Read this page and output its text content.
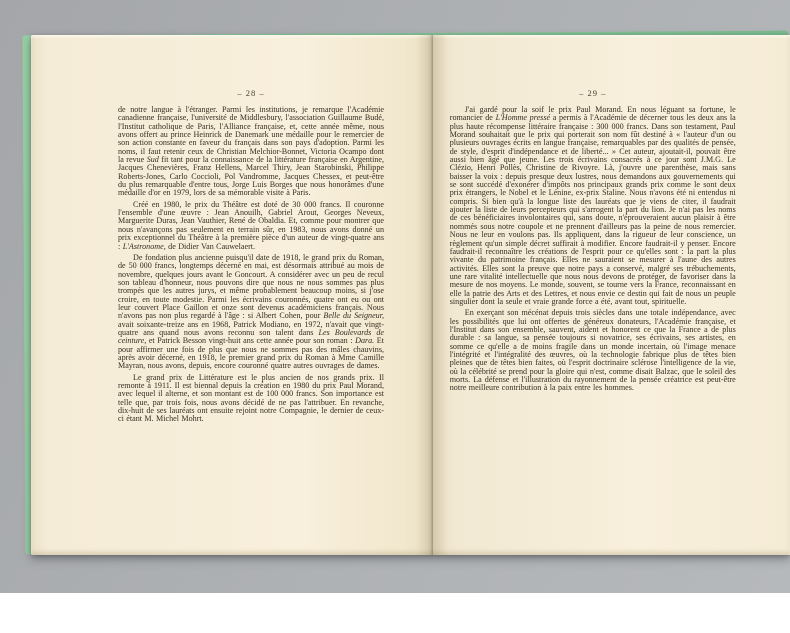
– 28 –

de notre langue à l'étranger. Parmi les institutions, je remarque l'Académie canadienne française, l'université de Middlesbury, l'association Guillaume Budé, l'Institut catholique de Paris, l'Alliance française, et, cette année même, nous avons offert au prince Heinrick de Danemark une médaille pour le remercier de son action constante en faveur du français dans son pays d'adoption. Parmi les noms, il faut retenir ceux de Christian Melchior-Bonnet, Victoria Ocampo dont la revue Sud fit tant pour la connaissance de la littérature française en Argentine, Jacques Chenevières, Franz Hellens, Marcel Thiry, Jean Starobinski, Philippe Roberts-Jones, Carlo Coccioli, Pol Vandromme, Jacques Chessex, et peut-être du plus remarquable d'entre tous, Jorge Luis Borges que nous honorâmes d'une médaille d'or en 1979, lors de sa mémorable visite à Paris.

Créé en 1980, le prix du Théâtre est doté de 30 000 francs. Il couronne l'ensemble d'une œuvre : Jean Anouilh, Gabriel Arout, Georges Neveux, Marguerite Duras, Jean Vauthier, René de Obaldia. Et, comme pour montrer que nous n'avançons pas seulement en terrain sûr, en 1983, nous avons donné un prix exceptionnel du Théâtre à la première pièce d'un auteur de vingt-quatre ans : L'Astronome, de Didier Van Cauwelaert.

De fondation plus ancienne puisqu'il date de 1918, le grand prix du Roman, de 50 000 francs, longtemps décerné en mai, est désormais attribué au mois de novembre, quelques jours avant le Goncourt. A considérer avec un peu de recul son tableau d'honneur, nous pouvons dire que nous ne nous sommes pas plus trompés que les autres jurys, et même probablement beaucoup moins, si j'ose croire, en toute modestie. Parmi les écrivains couronnés, quatre ont eu ou ont leur couvert Place Gaillon et onze sont devenus académiciens français. Nous n'avons pas non plus regardé à l'âge : si Albert Cohen, pour Belle du Seigneur, avait soixante-treize ans en 1968, Patrick Modiano, en 1972, n'avait que vingt-quatre ans quand nous avons reconnu son talent dans Les Boulevards de ceinture, et Patrick Besson vingt-huit ans cette année pour son roman : Dara. Et pour affirmer une fois de plus que nous ne sommes pas des mâles chauvins, après avoir décerné, en 1918, le premier grand prix du Roman à Mme Camille Mayran, nous avons, depuis, encore couronné quatre autres ouvrages de dames.

Le grand prix de Littérature est le plus ancien de nos grands prix. Il remonte à 1911. Il est biennal depuis la création en 1980 du prix Paul Morand, avec lequel il alterne, et son montant est de 100 000 francs. Son importance est telle que, par trois fois, nous avons décidé de ne pas l'attribuer. En revanche, dix-huit de ses lauréats ont ensuite rejoint notre Compagnie, le dernier de ceux-ci étant M. Michel Mohrt.

– 29 –

J'ai gardé pour la soif le prix Paul Morand. En nous léguant sa fortune, le romancier de L'Homme pressé a permis à l'Académie de décerner tous les deux ans la plus haute récompense littéraire française : 300 000 francs. Dans son testament, Paul Morand souhaitait que le prix qui porterait son nom fût destiné à « l'auteur d'un ou plusieurs ouvrages écrits en langue française, remarquables par des qualités de pensée, de style, d'esprit d'indépendance et de liberté... » Cet auteur, ajoutait-il, pouvait être aussi bien âgé que jeune. Les trois écrivains consacrés à ce jour sont J.M.G. Le Clézio, Henri Pollès, Christine de Rivoyre. Là, j'ouvre une parenthèse, mais sans baisser la voix : depuis presque deux lustres, nous demandons aux gouvernements qui se sont succédé d'exonérer d'impôts nos principaux grands prix comme le sont deux prix étrangers, le Nobel et le Lénine, ex-prix Staline. Nous n'avons été ni entendus ni compris. Si bien qu'à la longue liste des lauréats que je viens de citer, il faudrait ajouter la liste de leurs percepteurs qui s'arrogent la part du lion. Je n'ai pas les noms de ces bénéficiaires involontaires qui, sans doute, n'éprouveraient aucun plaisir à être nommés sous notre coupole et ne prennent d'ailleurs pas la peine de nous remercier. Nous ne leur en voulons pas. Ils appliquent, dans la rigueur de leur conscience, un règlement qu'un simple décret suffirait à modifier. Encore faudrait-il y penser. Encore faudrait-il reconnaître les créations de l'esprit pour ce qu'elles sont : la part la plus vivante du patrimoine français. Elles ne sauraient se mesurer à l'aune des autres activités. Elles sont la preuve que notre pays a conservé, malgré ses trébuchements, une rare vitalité intellectuelle que nous nous devons de protéger, de favoriser dans la mesure de nos moyens. Le monde, souvent, se tourne vers la France, reconnaissant en elle la patrie des Arts et des Lettres, et nous envie ce destin qui fait de nous un peuple singulier dont la seule et vraie grande force a été, avant tout, spirituelle.

En exerçant son mécénat depuis trois siècles dans une totale indépendance, avec les possibilités que lui ont offertes de généreux donateurs, l'Académie française, et l'Institut dans son ensemble, sauvent, aident et honorent ce que la France a de plus durable : sa langue, sa pensée toujours si novatrice, ses écrivains, ses artistes, en somme ce qu'elle a de moins fragile dans un monde incertain, où l'image menace l'intégrité et l'intégralité des œuvres, où la technologie fabrique plus de têtes bien pleines que de têtes bien faites, où l'esprit doctrinaire sclérose l'intelligence de la vie, où la célébrité se prend pour la gloire qui n'est, comme disait Balzac, que le soleil des morts. La défense et l'illustration du rayonnement de la pensée créatrice est peut-être notre meilleure contribution à la paix entre les hommes.
